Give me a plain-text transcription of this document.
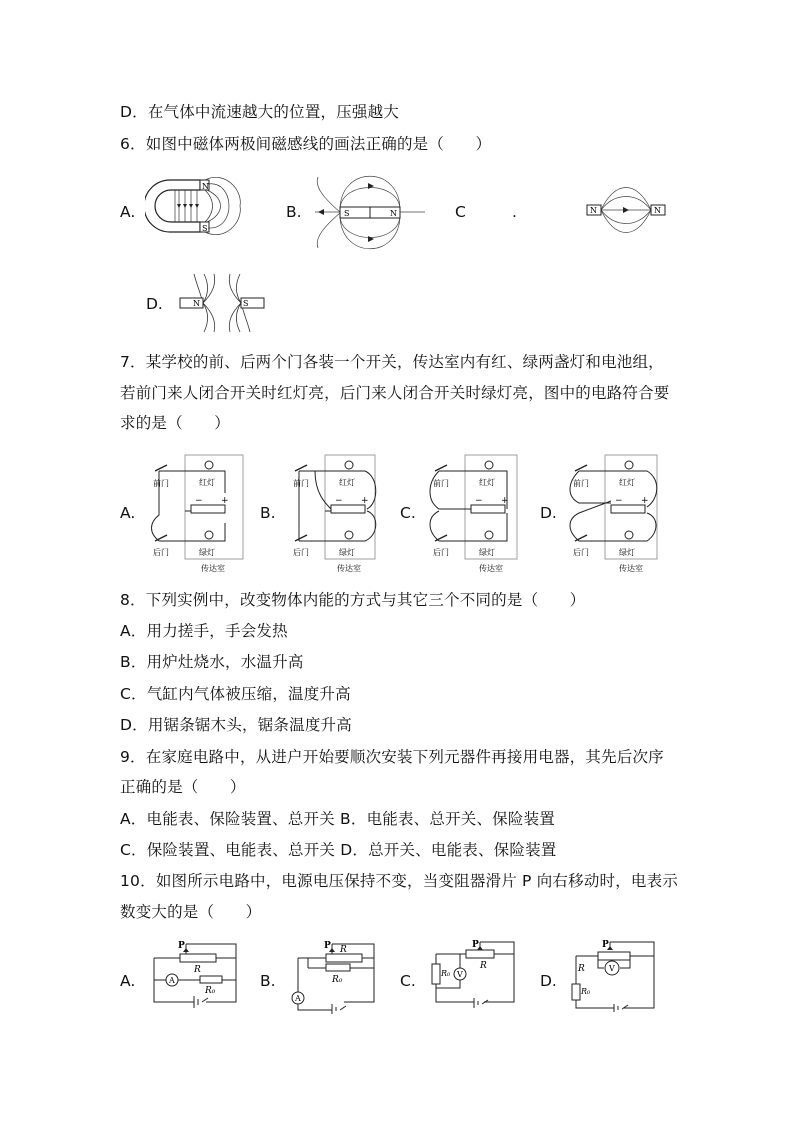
D．在气体中流速越大的位置，压强越大
6．如图中磁体两极间磁感线的画法正确的是（　　）
A.
N
S
B.	S	N	C	.	N	N
D.	N	S
7．某学校的前、后两个门各装一个开关，传达室内有红、绿两盏灯和电池组，
若前门来人闭合开关时红灯亮，后门来人闭合开关时绿灯亮，图中的电路符合要
求的是（　　）
A.	B.	C.	D.
前门	红灯
后门	绿灯
− +
传达室
前门	红灯
后门	绿灯
− +
传达室
前门	红灯
后门	绿灯
− +
传达室
前门	红灯
后门	绿灯
− +
传达室
8．下列实例中，改变物体内能的方式与其它三个不同的是（　　）
A．用力搓手，手会发热
B．用炉灶烧水，水温升高
C．气缸内气体被压缩，温度升高
D．用锯条锯木头，锯条温度升高
9．在家庭电路中，从进户开始要顺次安装下列元器件再接用电器，其先后次序
正确的是（　　）
A．电能表、保险装置、总开关 B．电能表、总开关、保险装置
C．保险装置、电能表、总开关 D．总开关、电能表、保险装置
10．如图所示电路中，电源电压保持不变，当变阻器滑片 P 向右移动时，电表示
数变大的是（　　）
A.	B.	C.	D.
P
R
R₀
A
P R
R₀
A
P
R
R₀ V
P
R
R₀
V
